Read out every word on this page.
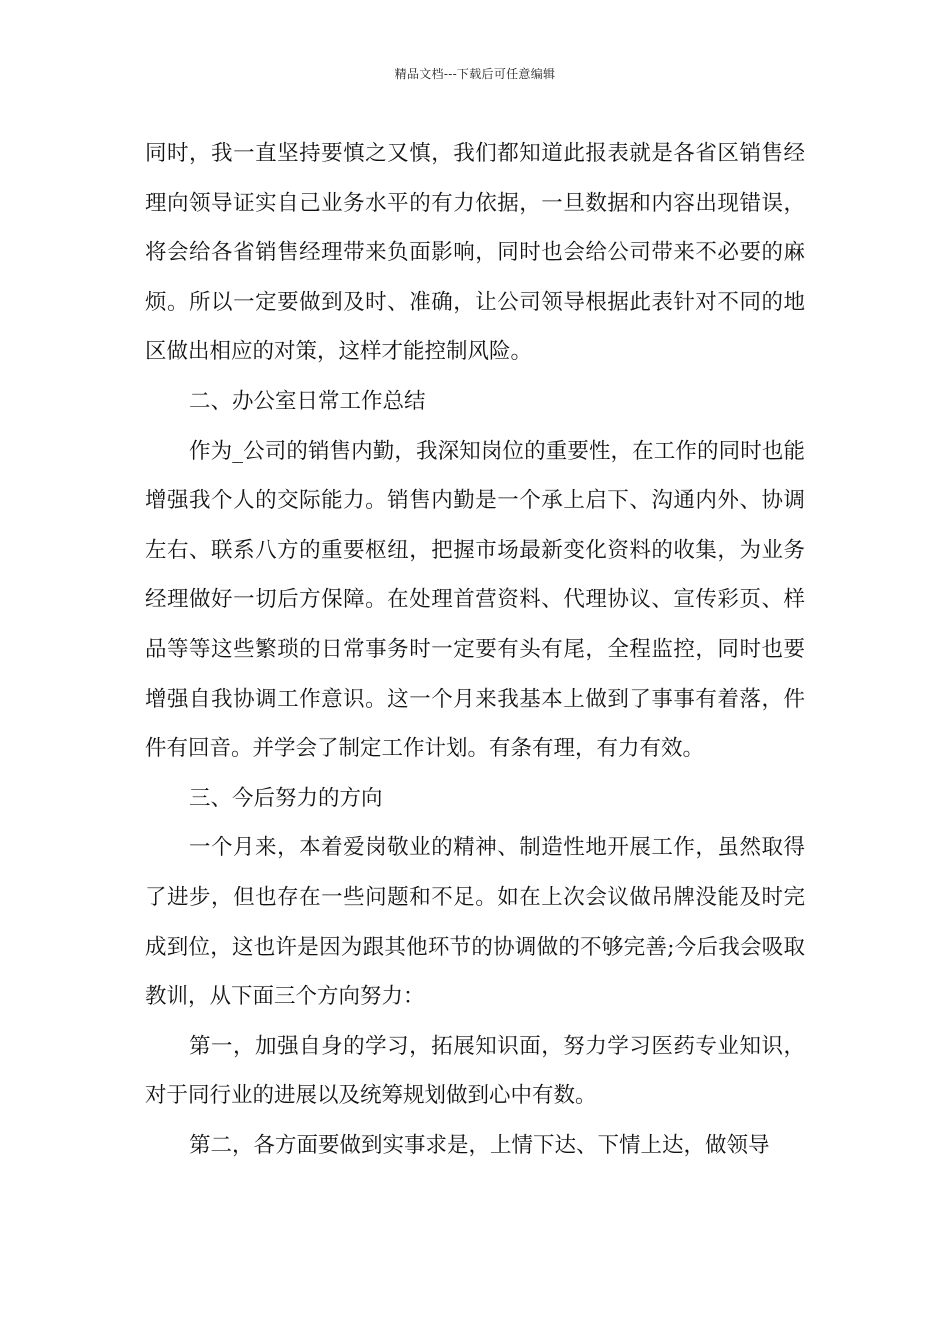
精品文档---下载后可任意编辑

同时，我一直坚持要慎之又慎，我们都知道此报表就是各省区销售经理向领导证实自己业务水平的有力依据，一旦数据和内容出现错误，将会给各省销售经理带来负面影响，同时也会给公司带来不必要的麻烦。所以一定要做到及时、准确，让公司领导根据此表针对不同的地区做出相应的对策，这样才能控制风险。

二、办公室日常工作总结

作为_公司的销售内勤，我深知岗位的重要性，在工作的同时也能增强我个人的交际能力。销售内勤是一个承上启下、沟通内外、协调左右、联系八方的重要枢纽，把握市场最新变化资料的收集，为业务经理做好一切后方保障。在处理首营资料、代理协议、宣传彩页、样品等等这些繁琐的日常事务时一定要有头有尾，全程监控，同时也要增强自我协调工作意识。这一个月来我基本上做到了事事有着落，件件有回音。并学会了制定工作计划。有条有理，有力有效。

三、今后努力的方向

一个月来，本着爱岗敬业的精神、制造性地开展工作，虽然取得了进步，但也存在一些问题和不足。如在上次会议做吊牌没能及时完成到位，这也许是因为跟其他环节的协调做的不够完善;今后我会吸取教训，从下面三个方向努力：

第一，加强自身的学习，拓展知识面，努力学习医药专业知识，对于同行业的进展以及统筹规划做到心中有数。

第二，各方面要做到实事求是，上情下达、下情上达，做领导
